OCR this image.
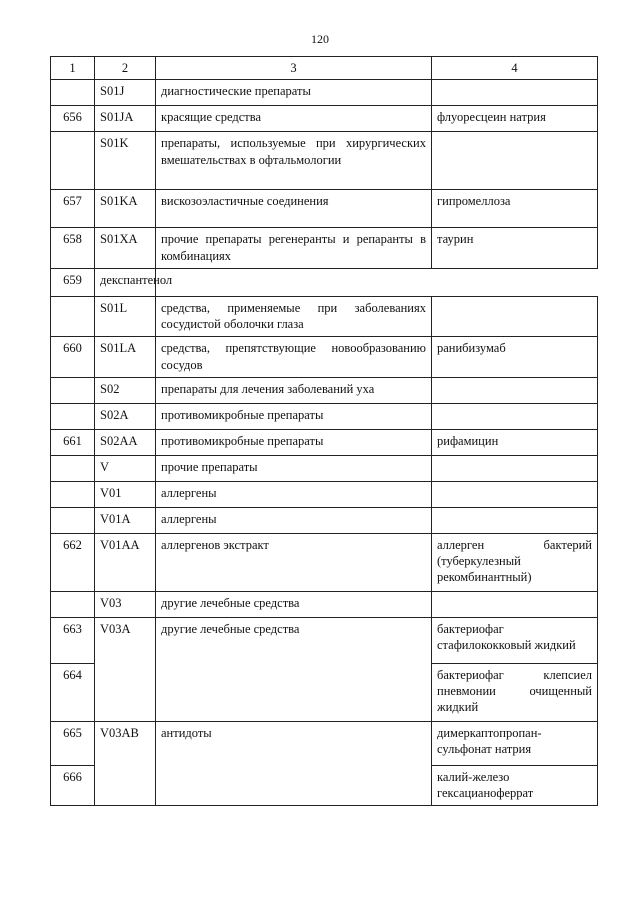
120
1	2	3	4
	S01J	диагностические препараты	
656	S01JA	красящие средства	флуоресцеин натрия
	S01K	препараты, используемые при хирургических вмешательствах в офтальмологии	
657	S01KA	вискозоэластичные соединения	гипромеллоза
658	S01XA	прочие препараты регенеранты и репаранты в комбинациях	таурин
659	декспантенол		
	S01L	средства, применяемые при заболеваниях сосудистой оболочки глаза	
660	S01LA	средства, препятствующие новообразованию сосудов	ранибизумаб
	S02	препараты для лечения заболеваний уха	
	S02A	противомикробные препараты	
661	S02AA	противомикробные препараты	рифамицин
	V	прочие препараты	
	V01	аллергены	
	V01A	аллергены	
662	V01AA	аллергенов экстракт	аллерген бактерий (туберкулезный рекомбинантный)
	V03	другие лечебные средства	
663	V03A	другие лечебные средства	бактериофаг стафилококковый жидкий
664			бактериофаг клепсиел пневмонии очищенный жидкий
665	V03AB	антидоты	димеркаптопропан-сульфонат натрия
666			калий-железо гексацианоферрат
